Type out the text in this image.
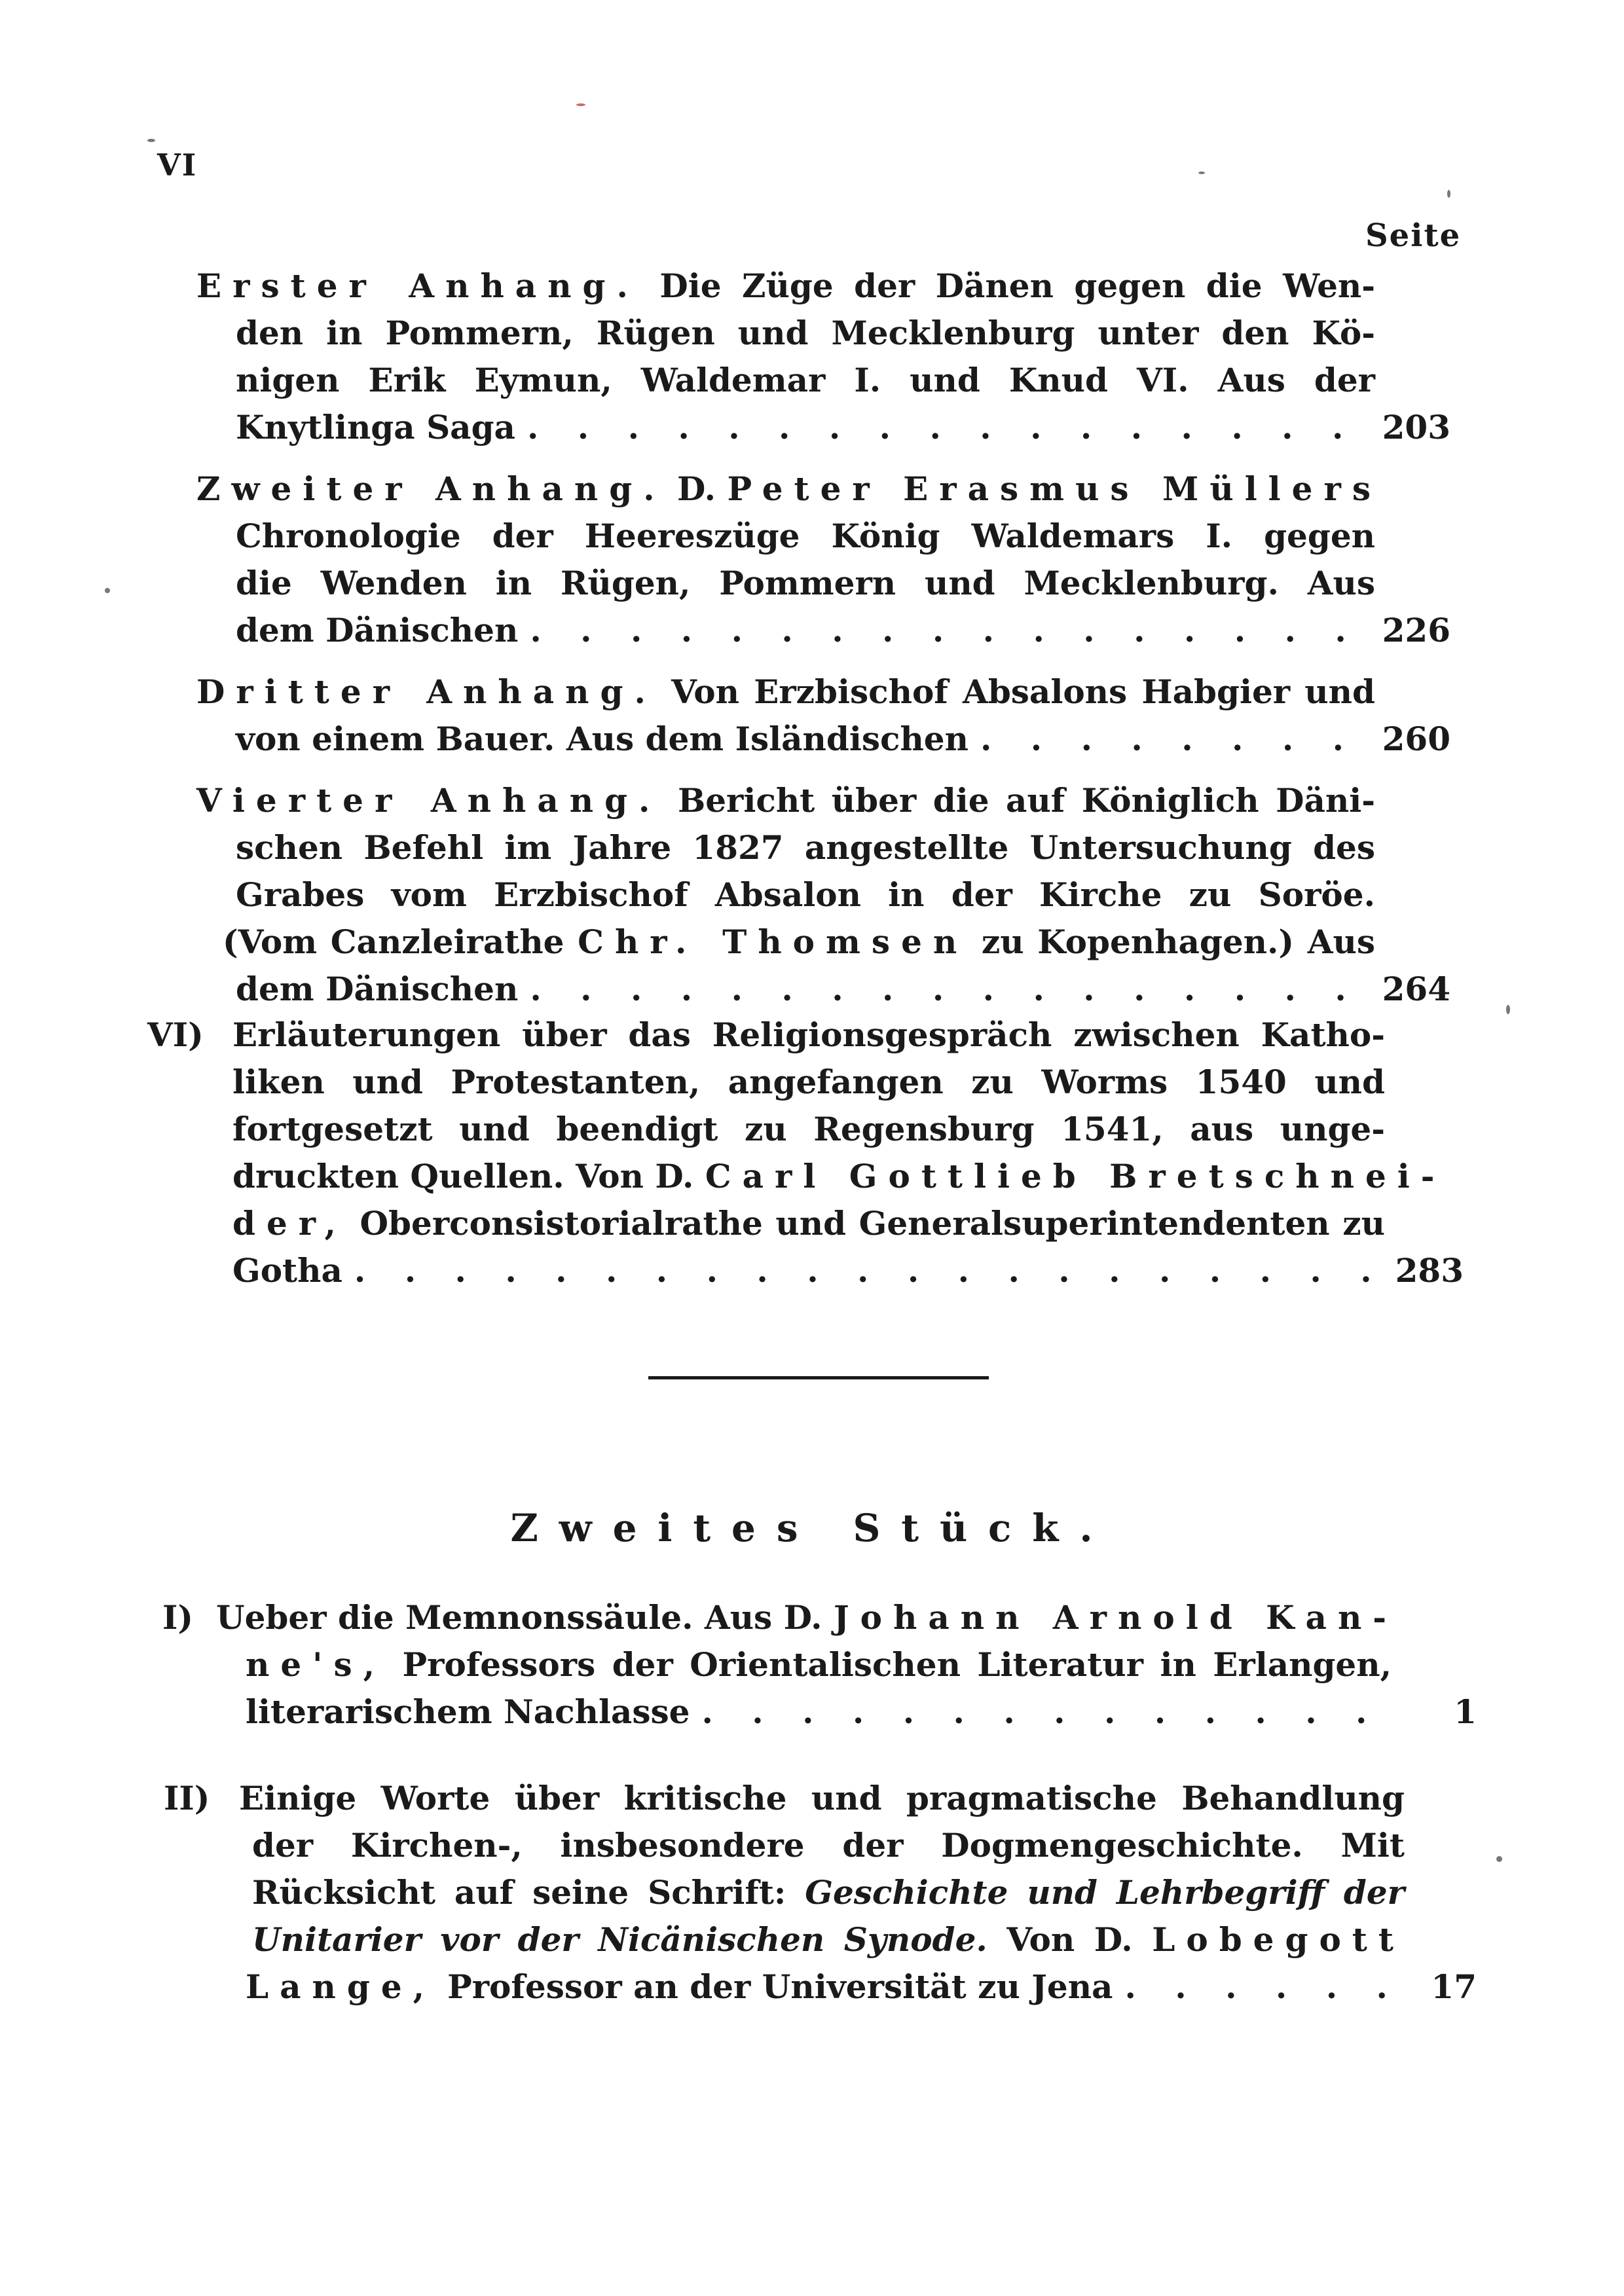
VI
Seite
Erster Anhang. Die Züge der Dänen gegen die Wen-
den in Pommern, Rügen und Mecklenburg unter den Kö-
nigen Erik Eymun, Waldemar I. und Knud VI. Aus der
Knytlinga Saga . . .	203
Zweiter Anhang. D. Peter Erasmus Müllers
Chronologie der Heereszüge König Waldemars I. gegen
die Wenden in Rügen, Pommern und Mecklenburg. Aus
dem Dänischen . . .	226
Dritter Anhang. Von Erzbischof Absalons Habgier und
von einem Bauer. Aus dem Isländischen . . .	260
Vierter Anhang. Bericht über die auf Königlich Däni-
schen Befehl im Jahre 1827 angestellte Untersuchung des
Grabes vom Erzbischof Absalon in der Kirche zu Soröe.
(Vom Canzleirathe Chr. Thomsen zu Kopenhagen.) Aus
dem Dänischen . . .	264
VI) Erläuterungen über das Religionsgespräch zwischen Katho-
liken und Protestanten, angefangen zu Worms 1540 und
fortgesetzt und beendigt zu Regensburg 1541, aus unge-
druckten Quellen. Von D. Carl Gottlieb Bretschnei-
der, Oberconsistorialrathe und Generalsuperintendenten zu
Gotha . . .	283
Zweites Stück.
I) Ueber die Memnonssäule. Aus D. Johann Arnold Kan-
ne's, Professors der Orientalischen Literatur in Erlangen,
literarischem Nachlasse . . .	1
II) Einige Worte über kritische und pragmatische Behandlung
der Kirchen-, insbesondere der Dogmengeschichte. Mit
Rücksicht auf seine Schrift: Geschichte und Lehrbegriff der
Unitarier vor der Nicänischen Synode. Von D. Lobegott
Lange, Professor an der Universität zu Jena . . .	17
